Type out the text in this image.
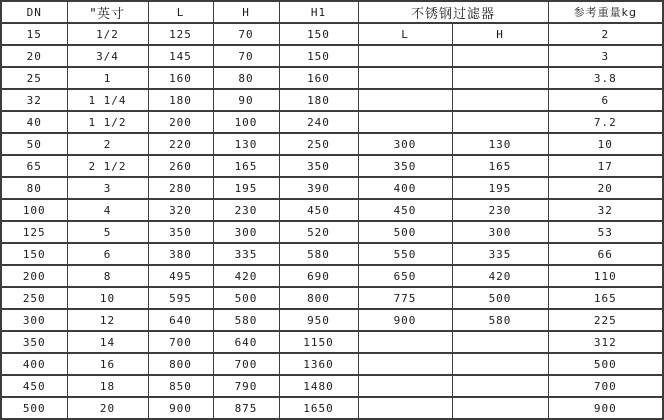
DN	"英寸	L	H	H1	不锈钢过滤器		参考重量kg
15	1/2	125	70	150	L	H	2
20	3/4	145	70	150			3
25	1	160	80	160			3.8
32	1 1/4	180	90	180			6
40	1 1/2	200	100	240			7.2
50	2	220	130	250	300	130	10
65	2 1/2	260	165	350	350	165	17
80	3	280	195	390	400	195	20
100	4	320	230	450	450	230	32
125	5	350	300	520	500	300	53
150	6	380	335	580	550	335	66
200	8	495	420	690	650	420	110
250	10	595	500	800	775	500	165
300	12	640	580	950	900	580	225
350	14	700	640	1150			312
400	16	800	700	1360			500
450	18	850	790	1480			700
500	20	900	875	1650			900
